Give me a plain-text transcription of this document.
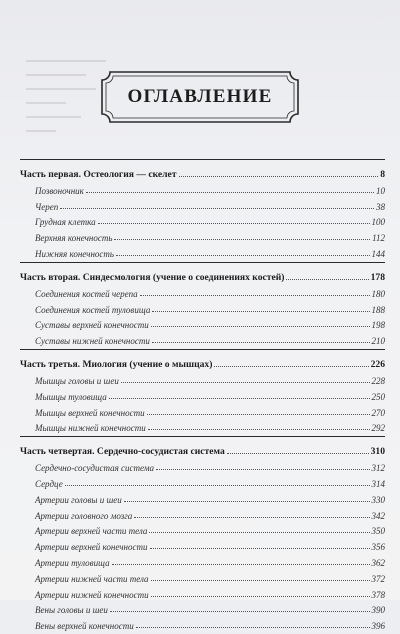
ОГЛАВЛЕНИЕ
Часть первая. Остеология — скелет	8
Позвоночник	10
Череп	38
Грудная клетка	100
Верхняя конечность	112
Нижняя конечность	144
Часть вторая. Синдесмология (учение о соединениях костей)	178
Соединения костей черепа	180
Соединения костей туловища	188
Суставы верхней конечности	198
Суставы нижней конечности	210
Часть третья. Миология (учение о мышцах)	226
Мышцы головы и шеи	228
Мышцы туловища	250
Мышцы верхней конечности	270
Мышцы нижней конечности	292
Часть четвертая. Сердечно-сосудистая система	310
Сердечно-сосудистая система	312
Сердце	314
Артерии головы и шеи	330
Артерии головного мозга	342
Артерии верхней части тела	350
Артерии верхней конечности	356
Артерии туловища	362
Артерии нижней части тела	372
Артерии нижней конечности	378
Вены головы и шеи	390
Вены верхней конечности	396
